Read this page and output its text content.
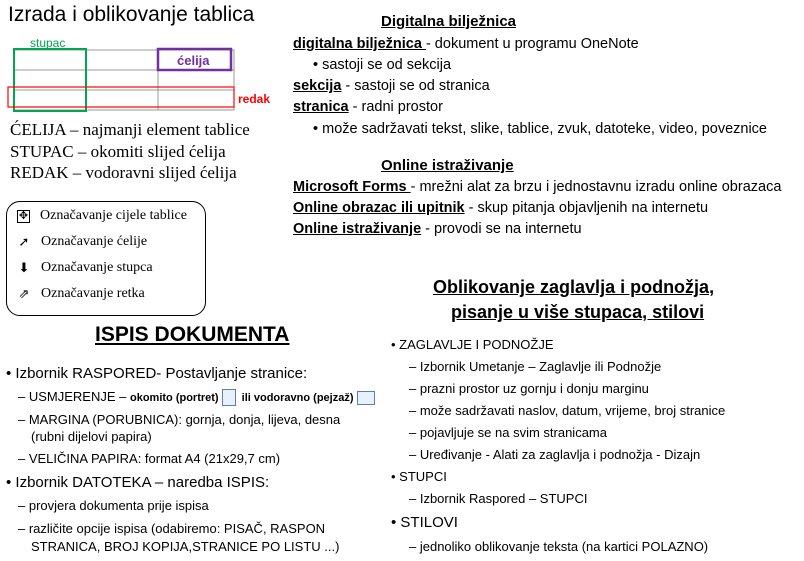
Izrada i oblikovanje tablica
stupac
ćelija
redak
ĆELIJA – najmanji element tablice
STUPAC – okomiti slijed ćelija
REDAK – vodoravni slijed ćelija
✥ Označavanje cijele tablice
➚ Označavanje ćelije
⬇ Označavanje stupca
⇗ Označavanje retka
Digitalna bilježnica
digitalna bilježnica - dokument u programu OneNote
• sastoji se od sekcija
sekcija - sastoji se od stranica
stranica - radni prostor
• može sadržavati tekst, slike, tablice, zvuk, datoteke, video, poveznice
Online istraživanje
Microsoft Forms - mrežni alat za brzu i jednostavnu izradu online obrazaca
Online obrazac ili upitnik - skup pitanja objavljenih na internetu
Online istraživanje - provodi se na internetu
ISPIS DOKUMENTA
• Izbornik RASPORED- Postavljanje stranice:
– USMJERENJE – okomito (portret) ili vodoravno (pejzaž)
– MARGINA (PORUBNICA): gornja, donja, lijeva, desna
(rubni dijelovi papira)
– VELIČINA PAPIRA: format A4 (21x29,7 cm)
• Izbornik DATOTEKA – naredba ISPIS:
– provjera dokumenta prije ispisa
– različite opcije ispisa (odabiremo: PISAČ, RASPON
STRANICA, BROJ KOPIJA,STRANICE PO LISTU ...)
Oblikovanje zaglavlja i podnožja,
pisanje u više stupaca, stilovi
• ZAGLAVLJE I PODNOŽJE
– Izbornik Umetanje – Zaglavlje ili Podnožje
– prazni prostor uz gornju i donju marginu
– može sadržavati naslov, datum, vrijeme, broj stranice
– pojavljuje se na svim stranicama
– Uređivanje - Alati za zaglavlja i podnožja - Dizajn
• STUPCI
– Izbornik Raspored – STUPCI
• STILOVI
– jednoliko oblikovanje teksta (na kartici POLAZNO)
